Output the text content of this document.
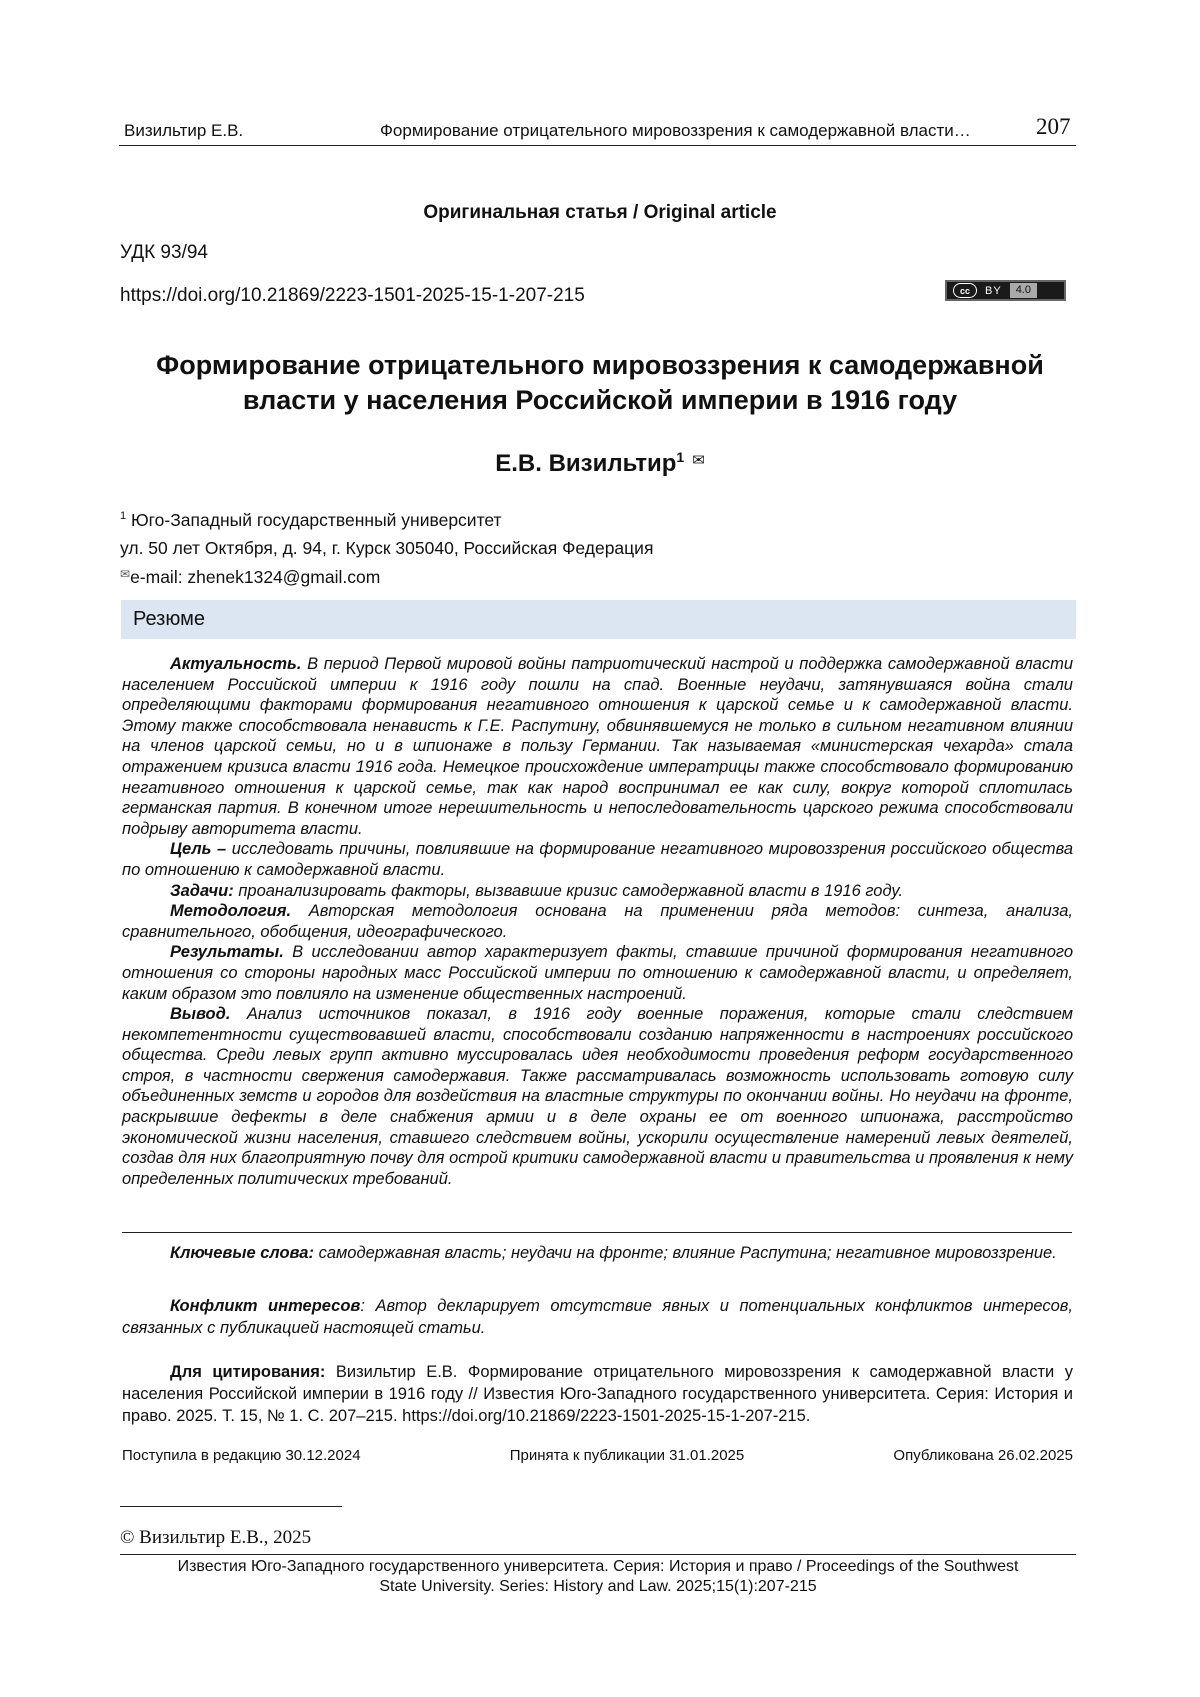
Визильтир Е.В.	Формирование отрицательного мировоззрения к самодержавной власти…	207
Оригинальная статья / Original article
УДК 93/94
https://doi.org/10.21869/2223-1501-2025-15-1-207-215	cc	BY	4.0
Формирование отрицательного мировоззрения к самодержавной
власти у населения Российской империи в 1916 году
Е.В. Визильтир$^1$ ✉
$^1$ Юго-Западный государственный университет
ул. 50 лет Октября, д. 94, г. Курск 305040, Российская Федерация
✉e-mail: zhenek1324@gmail.com
Резюме

Актуальность. В период Первой мировой войны патриотический настрой и поддержка самодержавной власти населением Российской империи к 1916 году пошли на спад. Военные неудачи, затянувшаяся война стали определяющими факторами формирования негативного отношения к царской семье и к самодержавной власти. Этому также способствовала ненависть к Г.Е. Распутину, обвинявшемуся не только в сильном негативном влиянии на членов царской семьи, но и в шпионаже в пользу Германии. Так называемая «министерская чехарда» стала отражением кризиса власти 1916 года. Немецкое происхождение императрицы также способствовало формированию негативного отношения к царской семье, так как народ воспринимал ее как силу, вокруг которой сплотилась германская партия. В конечном итоге нерешительность и непоследовательность царского режима способствовали подрыву авторитета власти.

Цель – исследовать причины, повлиявшие на формирование негативного мировоззрения российского общества по отношению к самодержавной власти.

Задачи: проанализировать факторы, вызвавшие кризис самодержавной власти в 1916 году.

Методология. Авторская методология основана на применении ряда методов: синтеза, анализа, сравнительного, обобщения, идеографического.

Результаты. В исследовании автор характеризует факты, ставшие причиной формирования негативного отношения со стороны народных масс Российской империи по отношению к самодержавной власти, и определяет, каким образом это повлияло на изменение общественных настроений.

Вывод. Анализ источников показал, в 1916 году военные поражения, которые стали следствием некомпетентности существовавшей власти, способствовали созданию напряженности в настроениях российского общества. Среди левых групп активно муссировалась идея необходимости проведения реформ государственного строя, в частности свержения самодержавия. Также рассматривалась возможность использовать готовую силу объединенных земств и городов для воздействия на властные структуры по окончании войны. Но неудачи на фронте, раскрывшие дефекты в деле снабжения армии и в деле охраны ее от военного шпионажа, расстройство экономической жизни населения, ставшего следствием войны, ускорили осуществление намерений левых деятелей, создав для них благоприятную почву для острой критики самодержавной власти и правительства и проявления к нему определенных политических требований.

Ключевые слова: самодержавная власть; неудачи на фронте; влияние Распутина; негативное мировоззрение.

Конфликт интересов: Автор декларирует отсутствие явных и потенциальных конфликтов интересов, связанных с публикацией настоящей статьи.

Для цитирования: Визильтир Е.В. Формирование отрицательного мировоззрения к самодержавной власти у населения Российской империи в 1916 году // Известия Юго-Западного государственного университета. Серия: История и право. 2025. Т. 15, № 1. С. 207–215. https://doi.org/10.21869/2223-1501-2025-15-1-207-215.

Поступила в редакцию 30.12.2024	Принята к публикации 31.01.2025	Опубликована 26.02.2025
© Визильтир Е.В., 2025
Известия Юго-Западного государственного университета. Серия: История и право / Proceedings of the Southwest
State University. Series: History and Law. 2025;15(1):207-215
